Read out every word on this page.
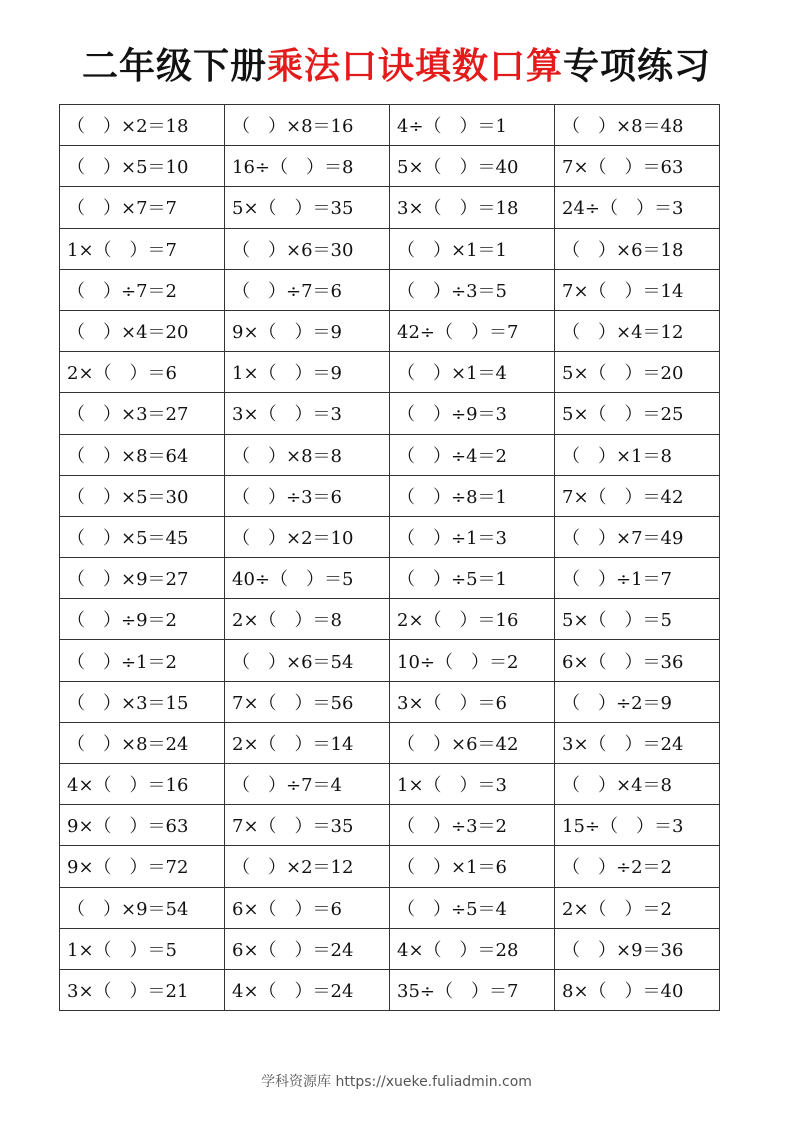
二年级下册乘法口诀填数口算专项练习
（　）×2＝18	（　）×8＝16	4÷（　）＝1	（　）×8＝48
（　）×5＝10	16÷（　）＝8	5×（　）＝40	7×（　）＝63
（　）×7＝7	5×（　）＝35	3×（　）＝18	24÷（　）＝3
1×（　）＝7	（　）×6＝30	（　）×1＝1	（　）×6＝18
（　）÷7＝2	（　）÷7＝6	（　）÷3＝5	7×（　）＝14
（　）×4＝20	9×（　）＝9	42÷（　）＝7	（　）×4＝12
2×（　）＝6	1×（　）＝9	（　）×1＝4	5×（　）＝20
（　）×3＝27	3×（　）＝3	（　）÷9＝3	5×（　）＝25
（　）×8＝64	（　）×8＝8	（　）÷4＝2	（　）×1＝8
（　）×5＝30	（　）÷3＝6	（　）÷8＝1	7×（　）＝42
（　）×5＝45	（　）×2＝10	（　）÷1＝3	（　）×7＝49
（　）×9＝27	40÷（　）＝5	（　）÷5＝1	（　）÷1＝7
（　）÷9＝2	2×（　）＝8	2×（　）＝16	5×（　）＝5
（　）÷1＝2	（　）×6＝54	10÷（　）＝2	6×（　）＝36
（　）×3＝15	7×（　）＝56	3×（　）＝6	（　）÷2＝9
（　）×8＝24	2×（　）＝14	（　）×6＝42	3×（　）＝24
4×（　）＝16	（　）÷7＝4	1×（　）＝3	（　）×4＝8
9×（　）＝63	7×（　）＝35	（　）÷3＝2	15÷（　）＝3
9×（　）＝72	（　）×2＝12	（　）×1＝6	（　）÷2＝2
（　）×9＝54	6×（　）＝6	（　）÷5＝4	2×（　）＝2
1×（　）＝5	6×（　）＝24	4×（　）＝28	（　）×9＝36
3×（　）＝21	4×（　）＝24	35÷（　）＝7	8×（　）＝40
学科资源库 https://xueke.fuliadmin.com
